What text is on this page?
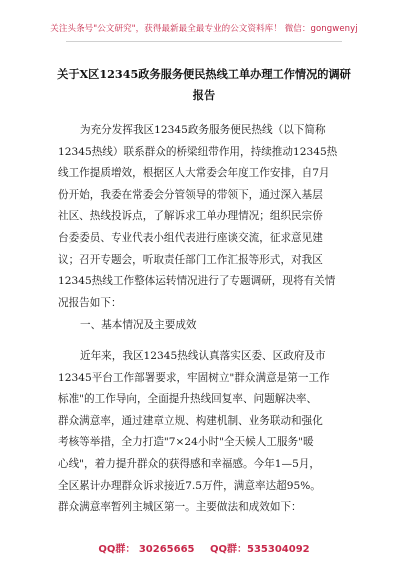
关注头条号"公文研究"，获得最新最全最专业的公文资料库！ 微信：gongwenyj
关于X区12345政务服务便民热线工单办理工作情况的调研
报告
为充分发挥我区12345政务服务便民热线（以下简称
12345热线）联系群众的桥梁纽带作用，持续推动12345热
线工作提质增效，根据区人大常委会年度工作安排，自7月
份开始，我委在常委会分管领导的带领下，通过深入基层
社区、热线投诉点，了解诉求工单办理情况；组织民宗侨
台委委员、专业代表小组代表进行座谈交流，征求意见建
议；召开专题会，听取责任部门工作汇报等形式，对我区
12345热线工作整体运转情况进行了专题调研，现将有关情
况报告如下：
一、基本情况及主要成效
近年来，我区12345热线认真落实区委、区政府及市
12345平台工作部署要求，牢固树立"群众满意是第一工作
标准"的工作导向，全面提升热线回复率、问题解决率、
群众满意率，通过建章立规、构建机制、业务联动和强化
考核等举措，全力打造"7×24小时"全天候人工服务"暖
心线"，着力提升群众的获得感和幸福感。今年1—5月，
全区累计办理群众诉求接近7.5万件，满意率达超95%。
群众满意率暂列主城区第一。主要做法和成效如下：
QQ群： 30265665 QQ群：535304092
